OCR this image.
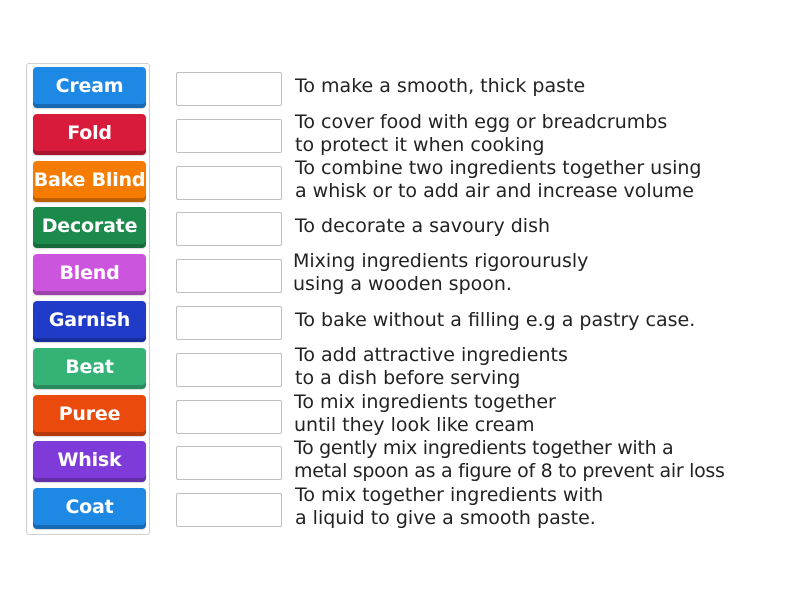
Cream
Fold
Bake Blind
Decorate
Blend
Garnish
Beat
Puree
Whisk
Coat
To make a smooth, thick paste
To cover food with egg or breadcrumbs
to protect it when cooking
To combine two ingredients together using
a whisk or to add air and increase volume
To decorate a savoury dish
Mixing ingredients rigorourusly
using a wooden spoon.
To bake without a filling e.g a pastry case.
To add attractive ingredients
to a dish before serving
To mix ingredients together
until they look like cream
To gently mix ingredients together with a
metal spoon as a figure of 8 to prevent air loss
To mix together ingredients with
a liquid to give a smooth paste.
